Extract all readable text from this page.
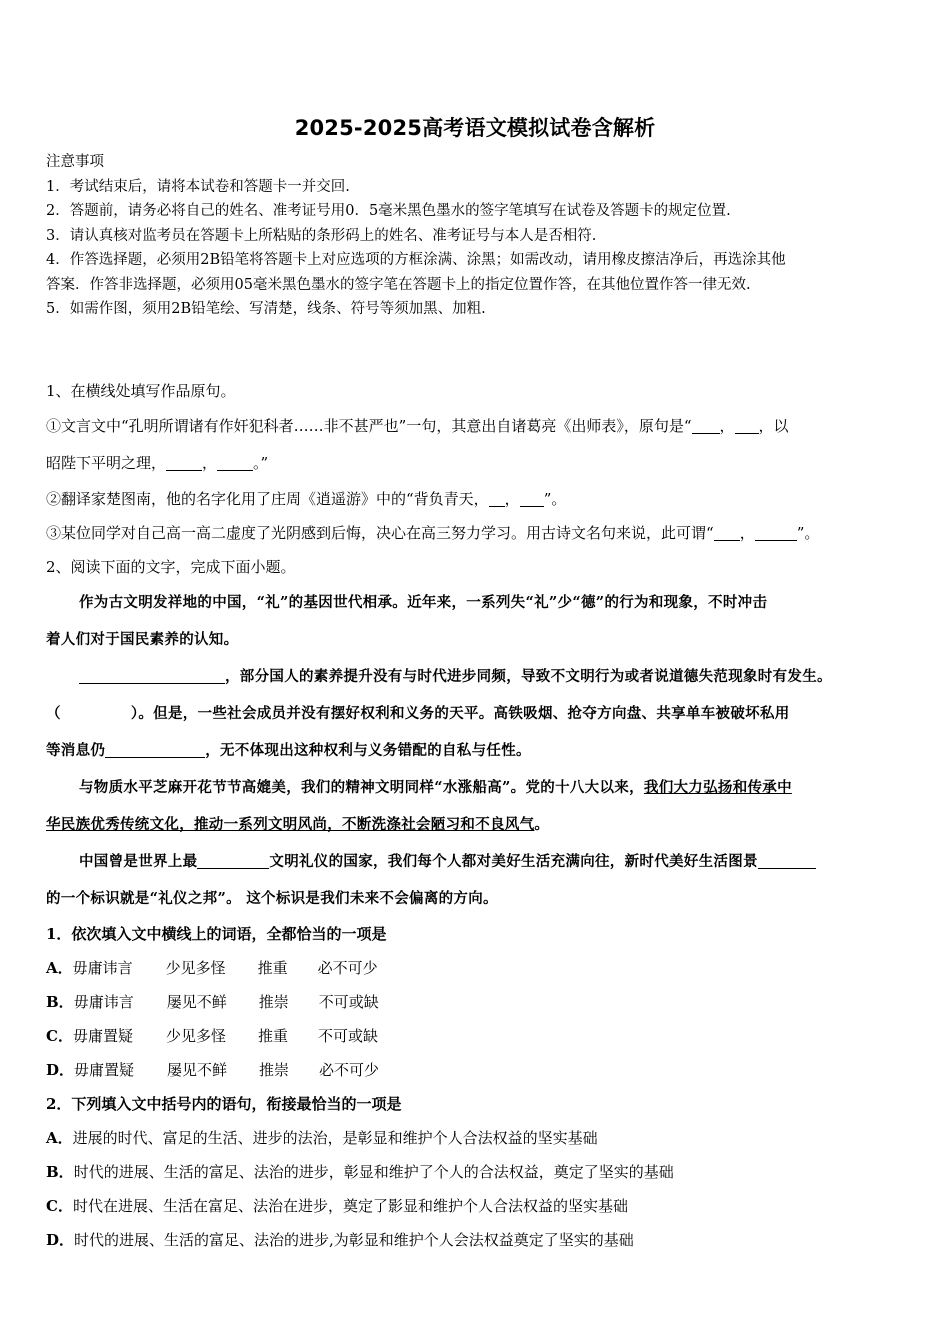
2025-2025高考语文模拟试卷含解析
注意事项
1．考试结束后，请将本试卷和答题卡一并交回.
2．答题前，请务必将自己的姓名、准考证号用0．5毫米黑色墨水的签字笔填写在试卷及答题卡的规定位置.
3．请认真核对监考员在答题卡上所粘贴的条形码上的姓名、准考证号与本人是否相符.
4．作答选择题，必须用2B铅笔将答题卡上对应选项的方框涂满、涂黑；如需改动，请用橡皮擦洁净后，再选涂其他
答案．作答非选择题，必须用05毫米黑色墨水的签字笔在答题卡上的指定位置作答，在其他位置作答一律无效.
5．如需作图，须用2B铅笔绘、写清楚，线条、符号等须加黑、加粗.
1、在横线处填写作品原句。
①文言文中“孔明所谓诸有作奸犯科者……非不甚严也”一句，其意出自诸葛亮《出师表》，原句是“ ， ，以
昭陛下平明之理， ， 。”
②翻译家楚图南，他的名字化用了庄周《逍遥游》中的“背负青天， ， ”。
③某位同学对自己高一高二虚度了光阴感到后悔，决心在高三努力学习。用古诗文名句来说，此可谓“ ，	”。
2、阅读下面的文字，完成下面小题。
作为古文明发祥地的中国，“礼”的基因世代相承。近年来，一系列失“礼”少“德”的行为和现象，不时冲击
着人们对于国民素养的认知。
，部分国人的素养提升没有与时代进步同频，导致不文明行为或者说道德失范现象时有发生。
（	）。但是，一些社会成员并没有摆好权利和义务的天平。高铁吸烟、抢夺方向盘、共享单车被破坏私用
等消息仍	，无不体现出这种权利与义务错配的自私与任性。
与物质水平芝麻开花节节高媲美，我们的精神文明同样“水涨船高”。党的十八大以来，我们大力弘扬和传承中
华民族优秀传统文化，推动一系列文明风尚，不断洗涤社会陋习和不良风气。
中国曾是世界上最	文明礼仪的国家，我们每个人都对美好生活充满向往，新时代美好生活图景
的一个标识就是“礼仪之邦”。 这个标识是我们未来不会偏离的方向。
1．依次填入文中横线上的词语，全都恰当的一项是
A．毋庸讳言 少见多怪 推重 必不可少
B．毋庸讳言 屡见不鲜 推崇 不可或缺
C．毋庸置疑 少见多怪 推重 不可或缺
D．毋庸置疑 屡见不鲜 推崇 必不可少
2．下列填入文中括号内的语句，衔接最恰当的一项是
A．进展的时代、富足的生活、进步的法治，是彰显和维护个人合法权益的坚实基础
B．时代的进展、生活的富足、法治的进步，彰显和维护了个人的合法权益，奠定了坚实的基础
C．时代在进展、生活在富足、法治在进步，奠定了影显和维护个人合法权益的坚实基础
D．时代的进展、生活的富足、法治的进步,为彰显和维护个人会法权益奠定了坚实的基础
